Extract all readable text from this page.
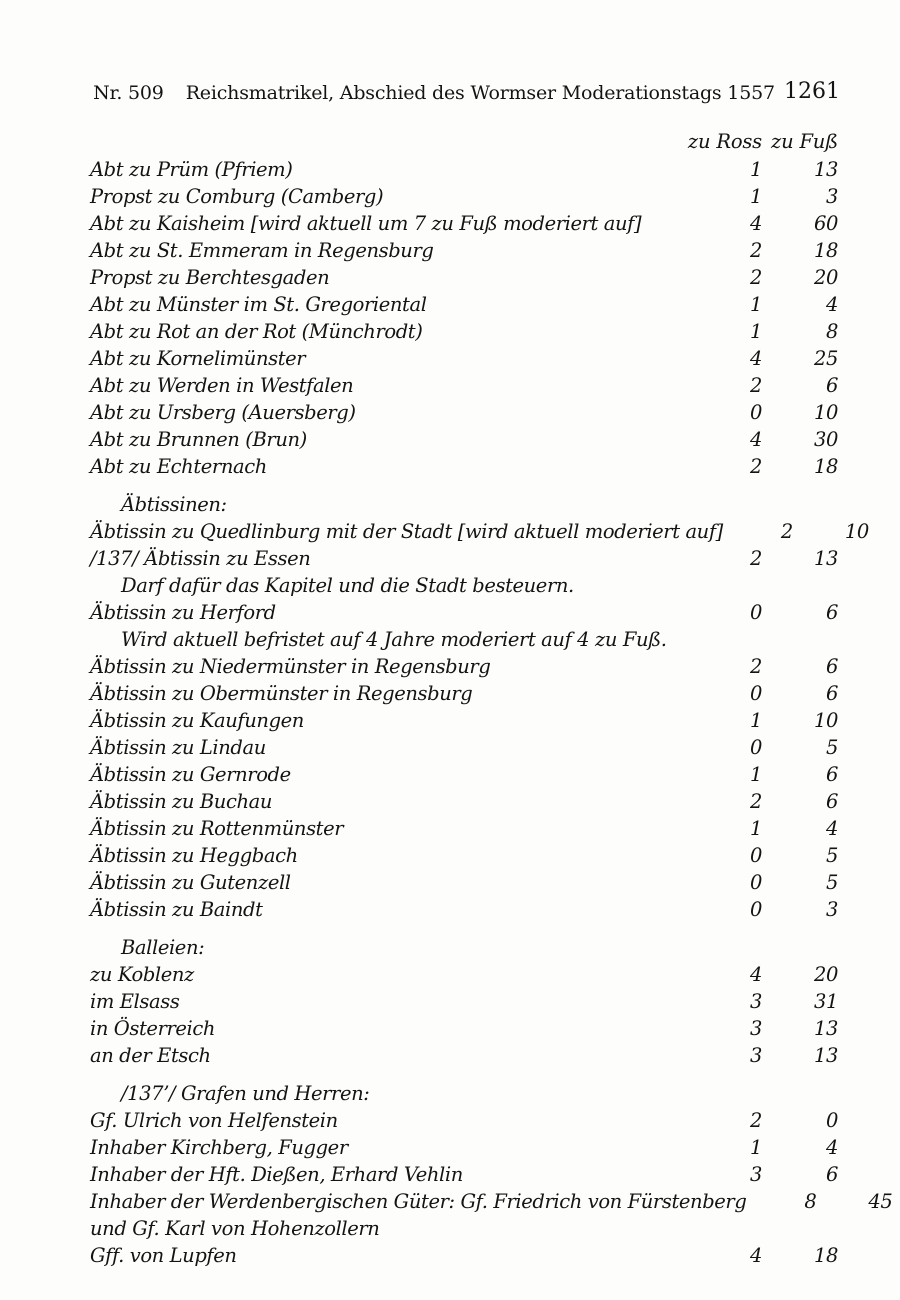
Nr. 509 Reichsmatrikel, Abschied des Wormser Moderationstags 1557 1261
zu Ross zu Fuß
Abt zu Prüm (Pfriem)	1	13
Propst zu Comburg (Camberg)	1	3
Abt zu Kaisheim [wird aktuell um 7 zu Fuß moderiert auf]	4	60
Abt zu St. Emmeram in Regensburg	2	18
Propst zu Berchtesgaden	2	20
Abt zu Münster im St. Gregoriental	1	4
Abt zu Rot an der Rot (Münchrodt)	1	8
Abt zu Kornelimünster	4	25
Abt zu Werden in Westfalen	2	6
Abt zu Ursberg (Auersberg)	0	10
Abt zu Brunnen (Brun)	4	30
Abt zu Echternach	2	18
Äbtissinen:
Äbtissin zu Quedlinburg mit der Stadt [wird aktuell moderiert auf]	2	10
/137/ Äbtissin zu Essen	2	13
Darf dafür das Kapitel und die Stadt besteuern.
Äbtissin zu Herford	0	6
Wird aktuell befristet auf 4 Jahre moderiert auf 4 zu Fuß.
Äbtissin zu Niedermünster in Regensburg	2	6
Äbtissin zu Obermünster in Regensburg	0	6
Äbtissin zu Kaufungen	1	10
Äbtissin zu Lindau	0	5
Äbtissin zu Gernrode	1	6
Äbtissin zu Buchau	2	6
Äbtissin zu Rottenmünster	1	4
Äbtissin zu Heggbach	0	5
Äbtissin zu Gutenzell	0	5
Äbtissin zu Baindt	0	3
Balleien:
zu Koblenz	4	20
im Elsass	3	31
in Österreich	3	13
an der Etsch	3	13
/137’/ Grafen und Herren:
Gf. Ulrich von Helfenstein	2	0
Inhaber Kirchberg, Fugger	1	4
Inhaber der Hft. Dießen, Erhard Vehlin	3	6
Inhaber der Werdenbergischen Güter: Gf. Friedrich von Fürstenberg	8	45
und Gf. Karl von Hohenzollern
Gff. von Lupfen	4	18
